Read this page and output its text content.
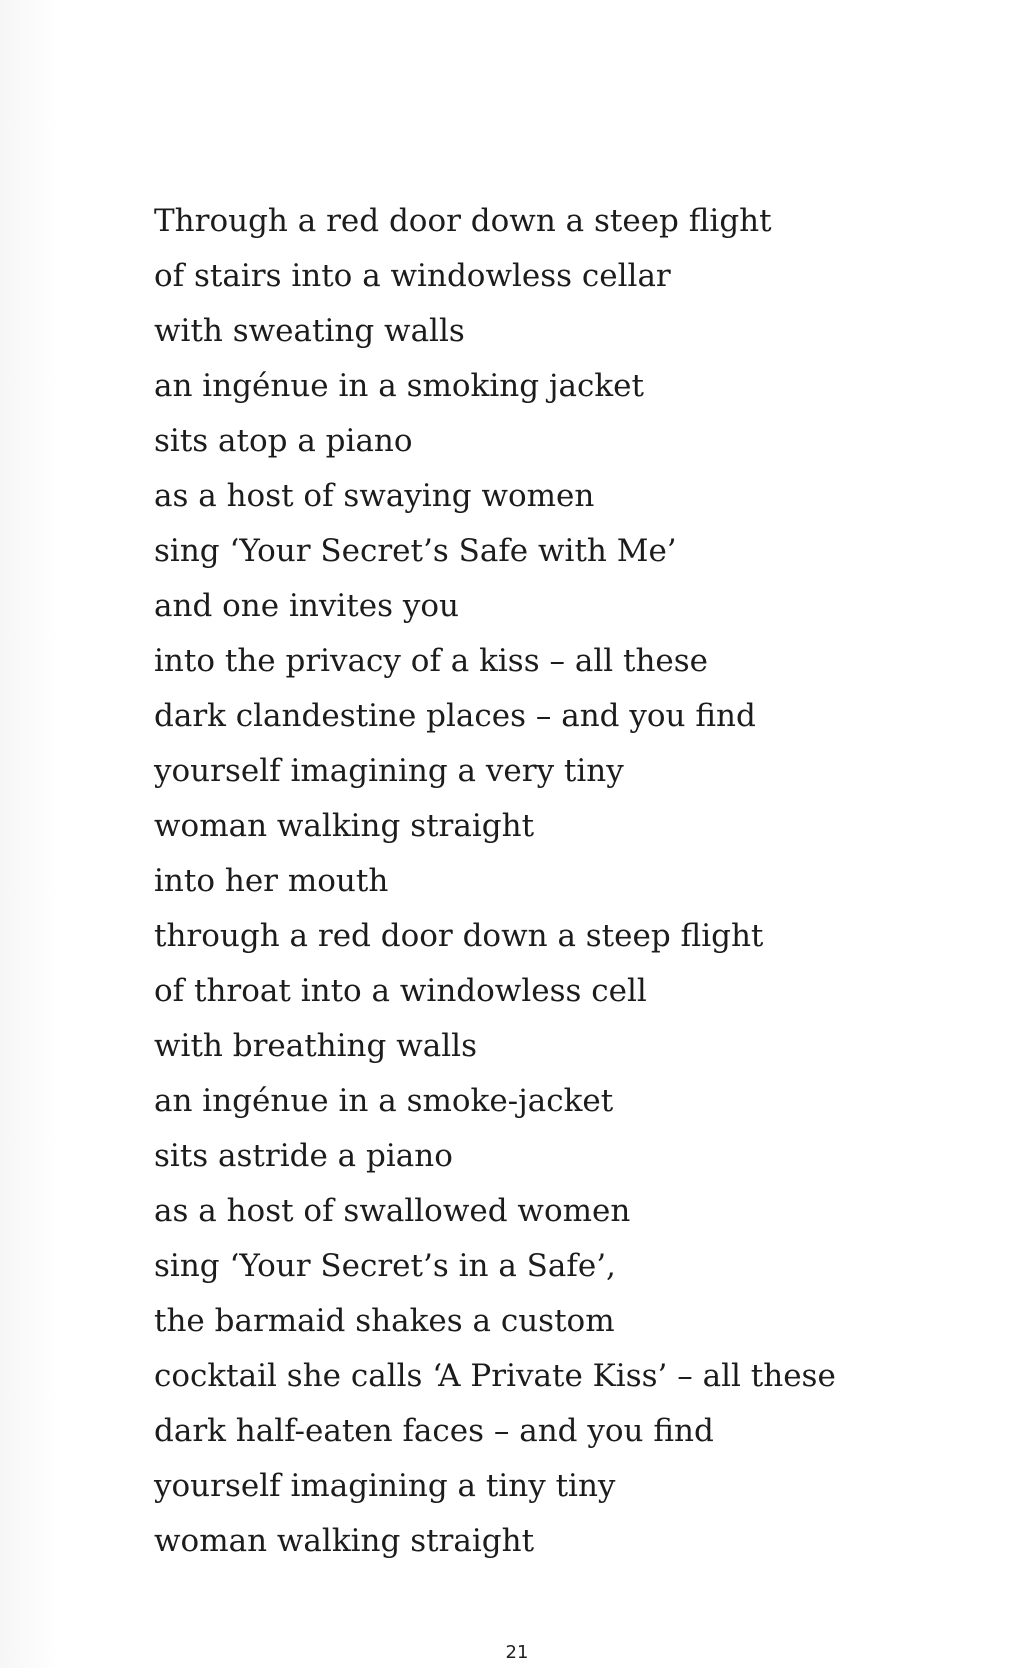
Through a red door down a steep flight
of stairs into a windowless cellar
with sweating walls
an ingénue in a smoking jacket
sits atop a piano
as a host of swaying women
sing ‘Your Secret’s Safe with Me’
and one invites you
into the privacy of a kiss – all these
dark clandestine places – and you find
yourself imagining a very tiny
woman walking straight
into her mouth
through a red door down a steep flight
of throat into a windowless cell
with breathing walls
an ingénue in a smoke-jacket
sits astride a piano
as a host of swallowed women
sing ‘Your Secret’s in a Safe’,
the barmaid shakes a custom
cocktail she calls ‘A Private Kiss’ – all these
dark half-eaten faces – and you find
yourself imagining a tiny tiny
woman walking straight
21
